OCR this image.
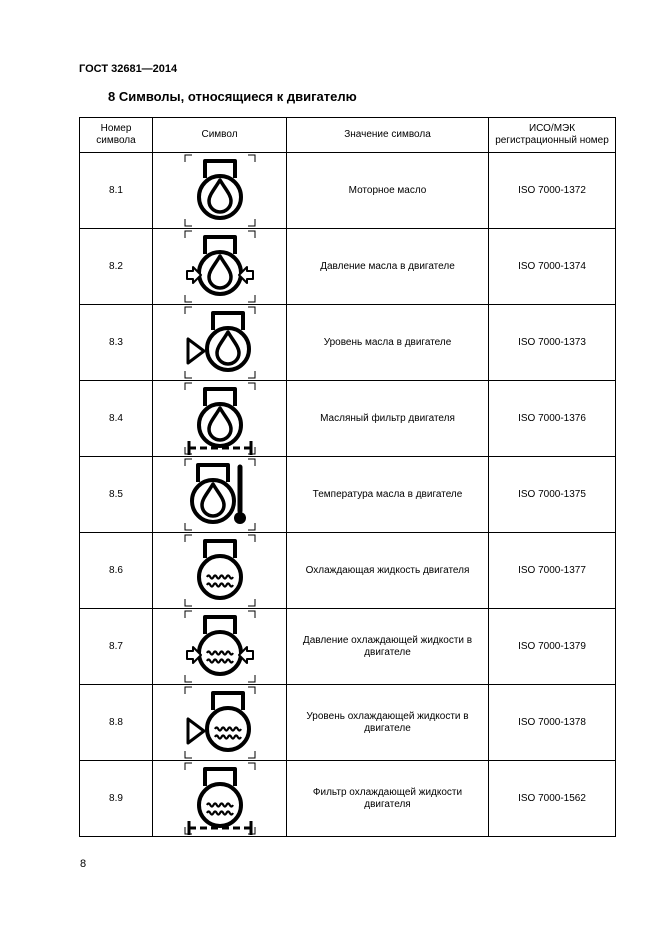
ГОСТ 32681—2014
8 Символы, относящиеся к двигателю
Номер символа	Символ	Значение символа	ИСО/МЭК регистрационный номер
8.1		Моторное масло	ISO 7000-1372
8.2		Давление масла в двигателе	ISO 7000-1374
8.3		Уровень масла в двигателе	ISO 7000-1373
8.4		Масляный фильтр двигателя	ISO 7000-1376
8.5		Температура масла в двигателе	ISO 7000-1375
8.6		Охлаждающая жидкость двигателя	ISO 7000-1377
8.7		Давление охлаждающей жидкости в двигателе	ISO 7000-1379
8.8		Уровень охлаждающей жидкости в двигателе	ISO 7000-1378
8.9		Фильтр охлаждающей жидкости двигателя	ISO 7000-1562
8
